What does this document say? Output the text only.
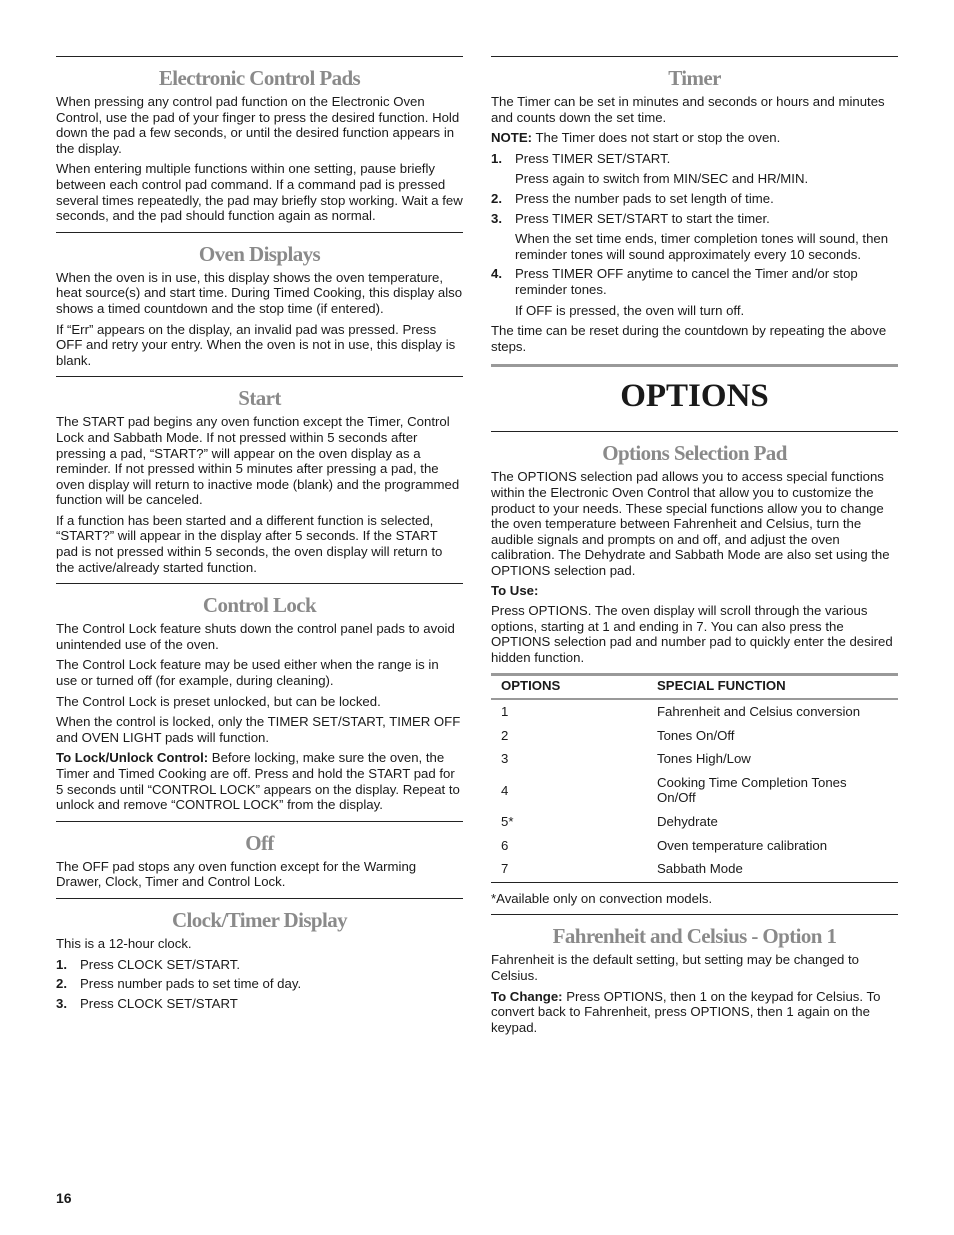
Electronic Control Pads

When pressing any control pad function on the Electronic Oven Control, use the pad of your finger to press the desired function. Hold down the pad a few seconds, or until the desired function appears in the display.

When entering multiple functions within one setting, pause briefly between each control pad command. If a command pad is pressed several times repeatedly, the pad may briefly stop working. Wait a few seconds, and the pad should function again as normal.

Oven Displays

When the oven is in use, this display shows the oven temperature, heat source(s) and start time. During Timed Cooking, this display also shows a timed countdown and the stop time (if entered).

If “Err” appears on the display, an invalid pad was pressed. Press OFF and retry your entry. When the oven is not in use, this display is blank.

Start

The START pad begins any oven function except the Timer, Control Lock and Sabbath Mode. If not pressed within 5 seconds after pressing a pad, “START?” will appear on the oven display as a reminder. If not pressed within 5 minutes after pressing a pad, the oven display will return to inactive mode (blank) and the programmed function will be canceled.

If a function has been started and a different function is selected, “START?” will appear in the display after 5 seconds. If the START pad is not pressed within 5 seconds, the oven display will return to the active/already started function.

Control Lock

The Control Lock feature shuts down the control panel pads to avoid unintended use of the oven.

The Control Lock feature may be used either when the range is in use or turned off (for example, during cleaning).

The Control Lock is preset unlocked, but can be locked.

When the control is locked, only the TIMER SET/START, TIMER OFF and OVEN LIGHT pads will function.

To Lock/Unlock Control: Before locking, make sure the oven, the Timer and Timed Cooking are off. Press and hold the START pad for 5 seconds until “CONTROL LOCK” appears on the display. Repeat to unlock and remove “CONTROL LOCK” from the display.

Off

The OFF pad stops any oven function except for the Warming Drawer, Clock, Timer and Control Lock.

Clock/Timer Display

This is a 12-hour clock.

1. Press CLOCK SET/START.
2. Press number pads to set time of day.
3. Press CLOCK SET/START
Timer

The Timer can be set in minutes and seconds or hours and minutes and counts down the set time.

NOTE: The Timer does not start or stop the oven.

1. Press TIMER SET/START.
Press again to switch from MIN/SEC and HR/MIN.
2. Press the number pads to set length of time.
3. Press TIMER SET/START to start the timer.
When the set time ends, timer completion tones will sound, then reminder tones will sound approximately every 10 seconds.
4. Press TIMER OFF anytime to cancel the Timer and/or stop reminder tones.
If OFF is pressed, the oven will turn off.

The time can be reset during the countdown by repeating the above steps.

OPTIONS
Options Selection Pad

The OPTIONS selection pad allows you to access special functions within the Electronic Oven Control that allow you to customize the product to your needs. These special functions allow you to change the oven temperature between Fahrenheit and Celsius, turn the audible signals and prompts on and off, and adjust the oven calibration. The Dehydrate and Sabbath Mode are also set using the OPTIONS selection pad.

To Use:

Press OPTIONS. The oven display will scroll through the various options, starting at 1 and ending in 7. You can also press the OPTIONS selection pad and number pad to quickly enter the desired hidden function.

OPTIONS	SPECIAL FUNCTION
1	Fahrenheit and Celsius conversion
2	Tones On/Off
3	Tones High/Low
4	Cooking Time Completion Tones On/Off
5*	Dehydrate
6	Oven temperature calibration
7	Sabbath Mode

*Available only on convection models.

Fahrenheit and Celsius - Option 1

Fahrenheit is the default setting, but setting may be changed to Celsius.

To Change: Press OPTIONS, then 1 on the keypad for Celsius. To convert back to Fahrenheit, press OPTIONS, then 1 again on the keypad.

16
